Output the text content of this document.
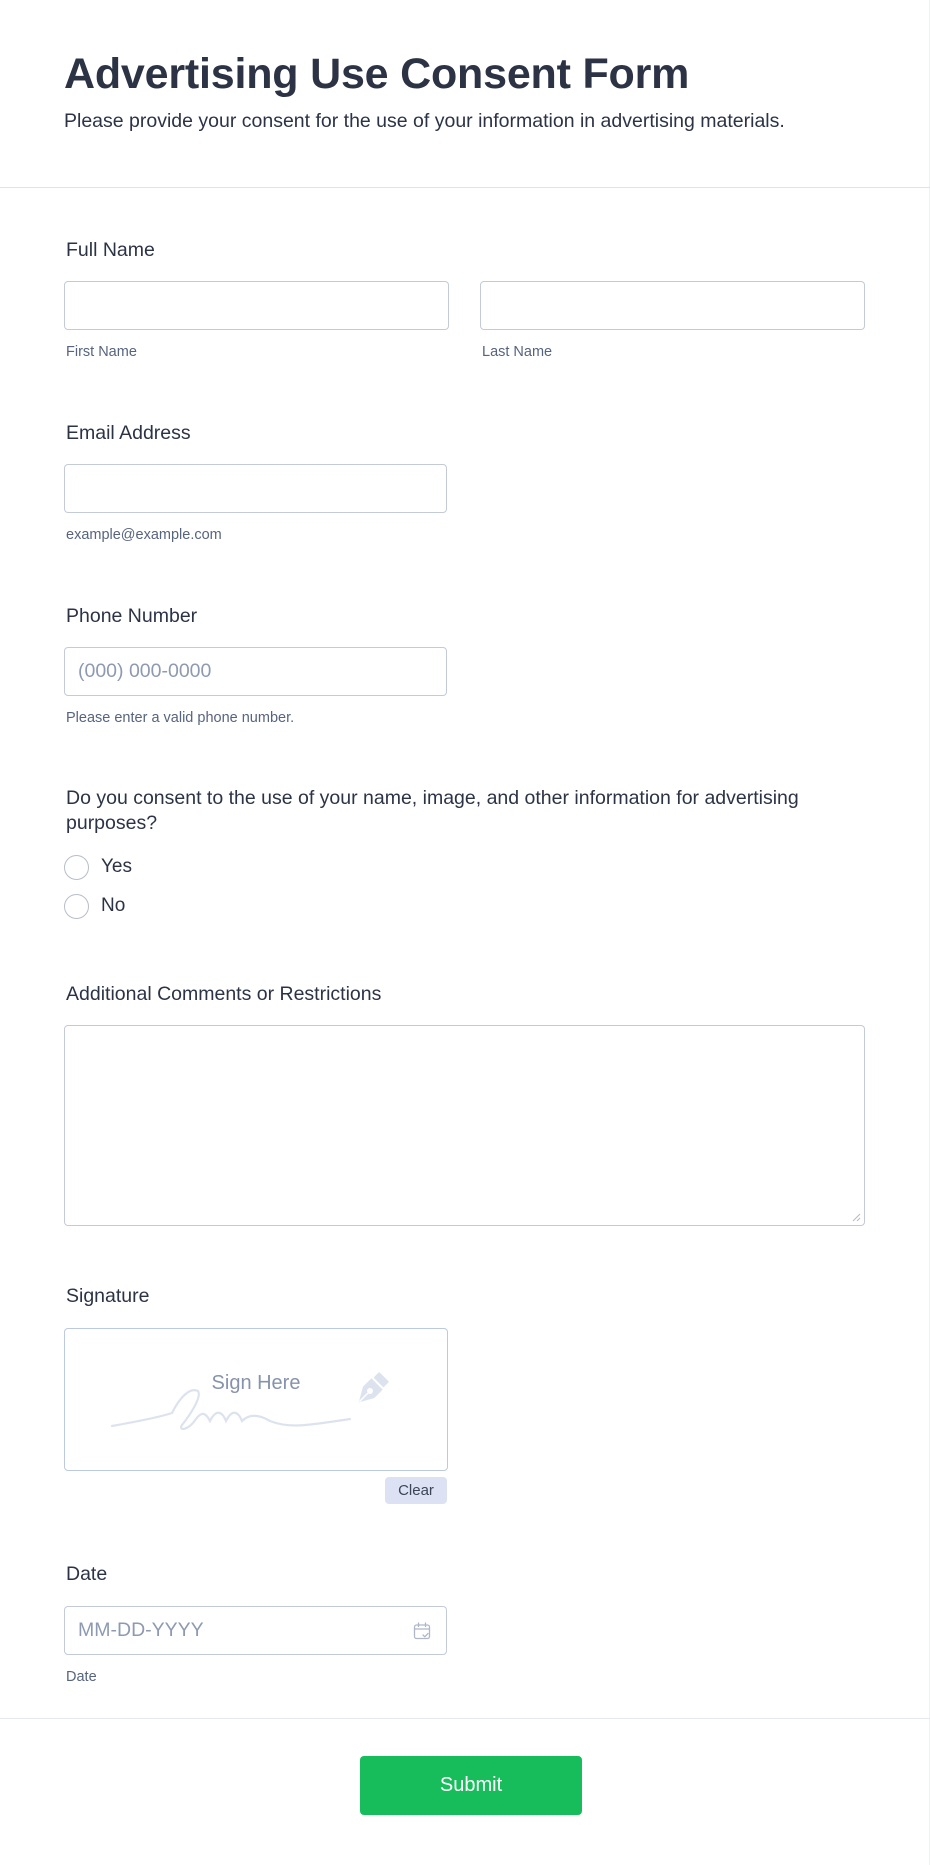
Advertising Use Consent Form
Please provide your consent for the use of your information in advertising materials.
Full Name
First Name	Last Name
Email Address
example@example.com
Phone Number
(000) 000-0000
Please enter a valid phone number.
Do you consent to the use of your name, image, and other information for advertising purposes?
Yes
No
Additional Comments or Restrictions
Signature
Sign Here
Clear
Date
MM-DD-YYYY
Date
Submit
